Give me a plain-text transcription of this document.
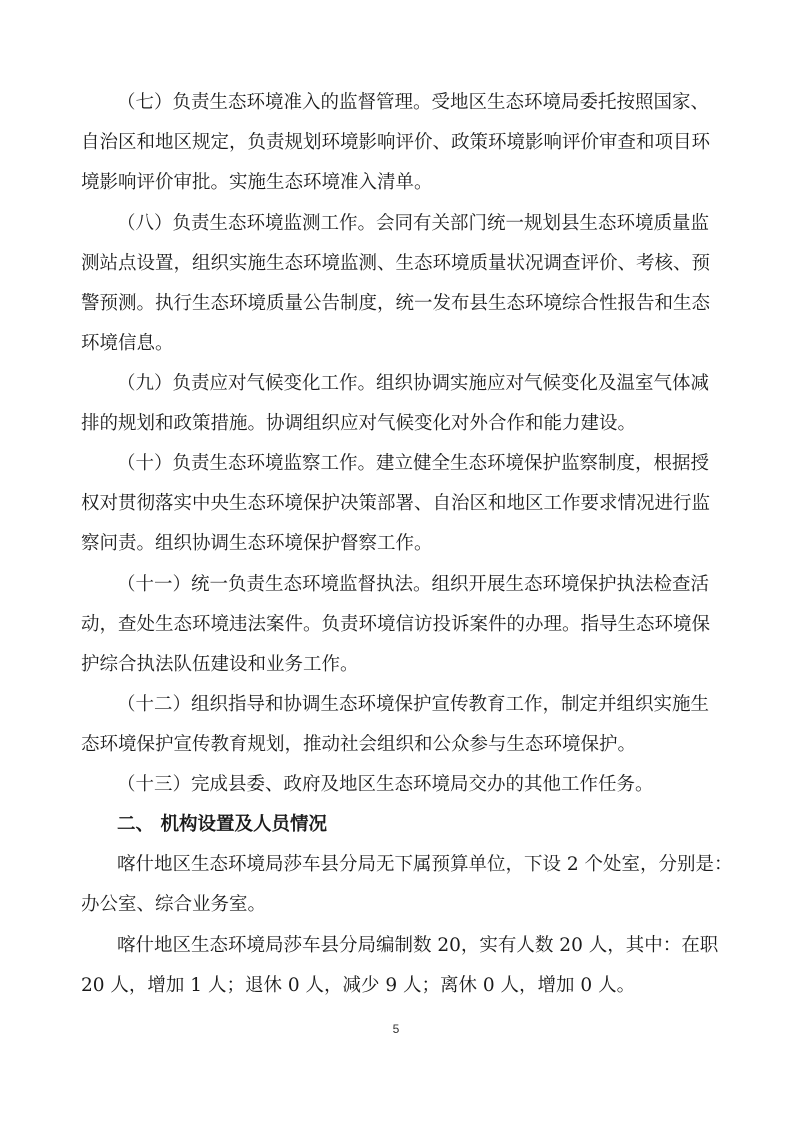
（七）负责生态环境准入的监督管理。受地区生态环境局委托按照国家、
自治区和地区规定，负责规划环境影响评价、政策环境影响评价审查和项目环
境影响评价审批。实施生态环境准入清单。
（八）负责生态环境监测工作。会同有关部门统一规划县生态环境质量监
测站点设置，组织实施生态环境监测、生态环境质量状况调查评价、考核、预
警预测。执行生态环境质量公告制度，统一发布县生态环境综合性报告和生态
环境信息。
（九）负责应对气候变化工作。组织协调实施应对气候变化及温室气体减
排的规划和政策措施。协调组织应对气候变化对外合作和能力建设。
（十）负责生态环境监察工作。建立健全生态环境保护监察制度，根据授
权对贯彻落实中央生态环境保护决策部署、自治区和地区工作要求情况进行监
察问责。组织协调生态环境保护督察工作。
（十一）统一负责生态环境监督执法。组织开展生态环境保护执法检查活
动，查处生态环境违法案件。负责环境信访投诉案件的办理。指导生态环境保
护综合执法队伍建设和业务工作。
（十二）组织指导和协调生态环境保护宣传教育工作，制定并组织实施生
态环境保护宣传教育规划，推动社会组织和公众参与生态环境保护。
（十三）完成县委、政府及地区生态环境局交办的其他工作任务。
二、 机构设置及人员情况
喀什地区生态环境局莎车县分局无下属预算单位，下设 2 个处室，分别是：
办公室、综合业务室。
喀什地区生态环境局莎车县分局编制数 20，实有人数 20 人，其中：在职
20 人，增加 1 人；退休 0 人，减少 9 人；离休 0 人，增加 0 人。
5
